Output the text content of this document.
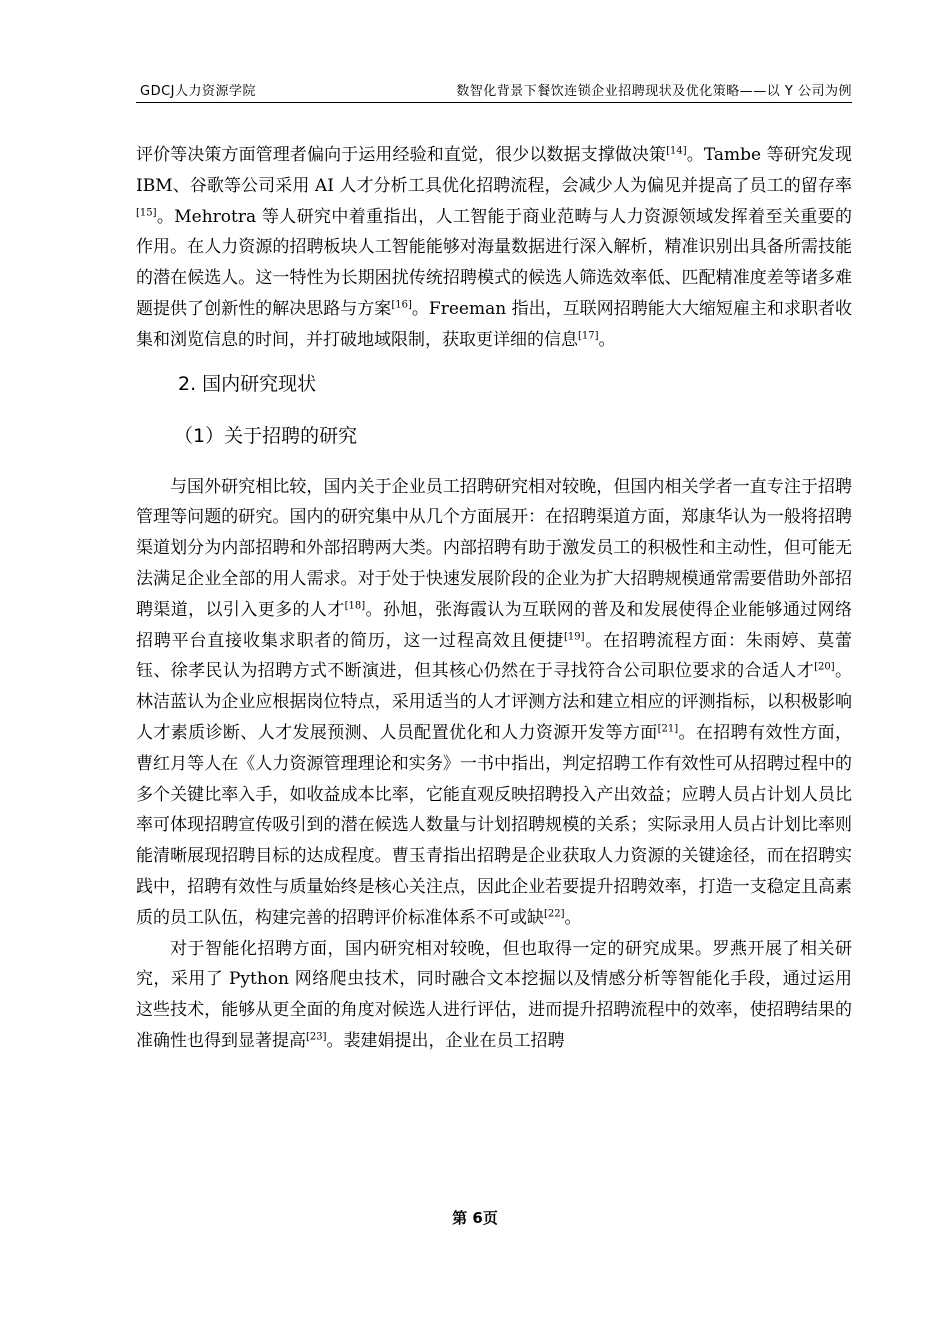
GDCJ人力资源学院	数智化背景下餐饮连锁企业招聘现状及优化策略——以 Y 公司为例

评价等决策方面管理者偏向于运用经验和直觉，很少以数据支撑做决策[14]。Tambe 等研究发现 IBM、谷歌等公司采用 AI 人才分析工具优化招聘流程，会减少人为偏见并提高了员工的留存率[15]。Mehrotra 等人研究中着重指出，人工智能于商业范畴与人力资源领域发挥着至关重要的作用。在人力资源的招聘板块人工智能能够对海量数据进行深入解析，精准识别出具备所需技能的潜在候选人。这一特性为长期困扰传统招聘模式的候选人筛选效率低、匹配精准度差等诸多难题提供了创新性的解决思路与方案[16]。Freeman 指出，互联网招聘能大大缩短雇主和求职者收集和浏览信息的时间，并打破地域限制，获取更详细的信息[17]。

2. 国内研究现状
（1）关于招聘的研究

与国外研究相比较，国内关于企业员工招聘研究相对较晚，但国内相关学者一直专注于招聘管理等问题的研究。国内的研究集中从几个方面展开：在招聘渠道方面，郑康华认为一般将招聘渠道划分为内部招聘和外部招聘两大类。内部招聘有助于激发员工的积极性和主动性，但可能无法满足企业全部的用人需求。对于处于快速发展阶段的企业为扩大招聘规模通常需要借助外部招聘渠道，以引入更多的人才[18]。孙旭，张海霞认为互联网的普及和发展使得企业能够通过网络招聘平台直接收集求职者的简历，这一过程高效且便捷[19]。在招聘流程方面：朱雨婷、莫蕾钰、徐孝民认为招聘方式不断演进，但其核心仍然在于寻找符合公司职位要求的合适人才[20]。林洁蓝认为企业应根据岗位特点，采用适当的人才评测方法和建立相应的评测指标，以积极影响人才素质诊断、人才发展预测、人员配置优化和人力资源开发等方面[21]。在招聘有效性方面，曹红月等人在《人力资源管理理论和实务》一书中指出，判定招聘工作有效性可从招聘过程中的多个关键比率入手，如收益成本比率，它能直观反映招聘投入产出效益；应聘人员占计划人员比率可体现招聘宣传吸引到的潜在候选人数量与计划招聘规模的关系；实际录用人员占计划比率则能清晰展现招聘目标的达成程度。曹玉青指出招聘是企业获取人力资源的关键途径，而在招聘实践中，招聘有效性与质量始终是核心关注点，因此企业若要提升招聘效率，打造一支稳定且高素质的员工队伍，构建完善的招聘评价标准体系不可或缺[22]。

对于智能化招聘方面，国内研究相对较晚，但也取得一定的研究成果。罗燕开展了相关研究，采用了 Python 网络爬虫技术，同时融合文本挖掘以及情感分析等智能化手段，通过运用这些技术，能够从更全面的角度对候选人进行评估，进而提升招聘流程中的效率，使招聘结果的准确性也得到显著提高[23]。裴建娟提出，企业在员工招聘

第 6页
